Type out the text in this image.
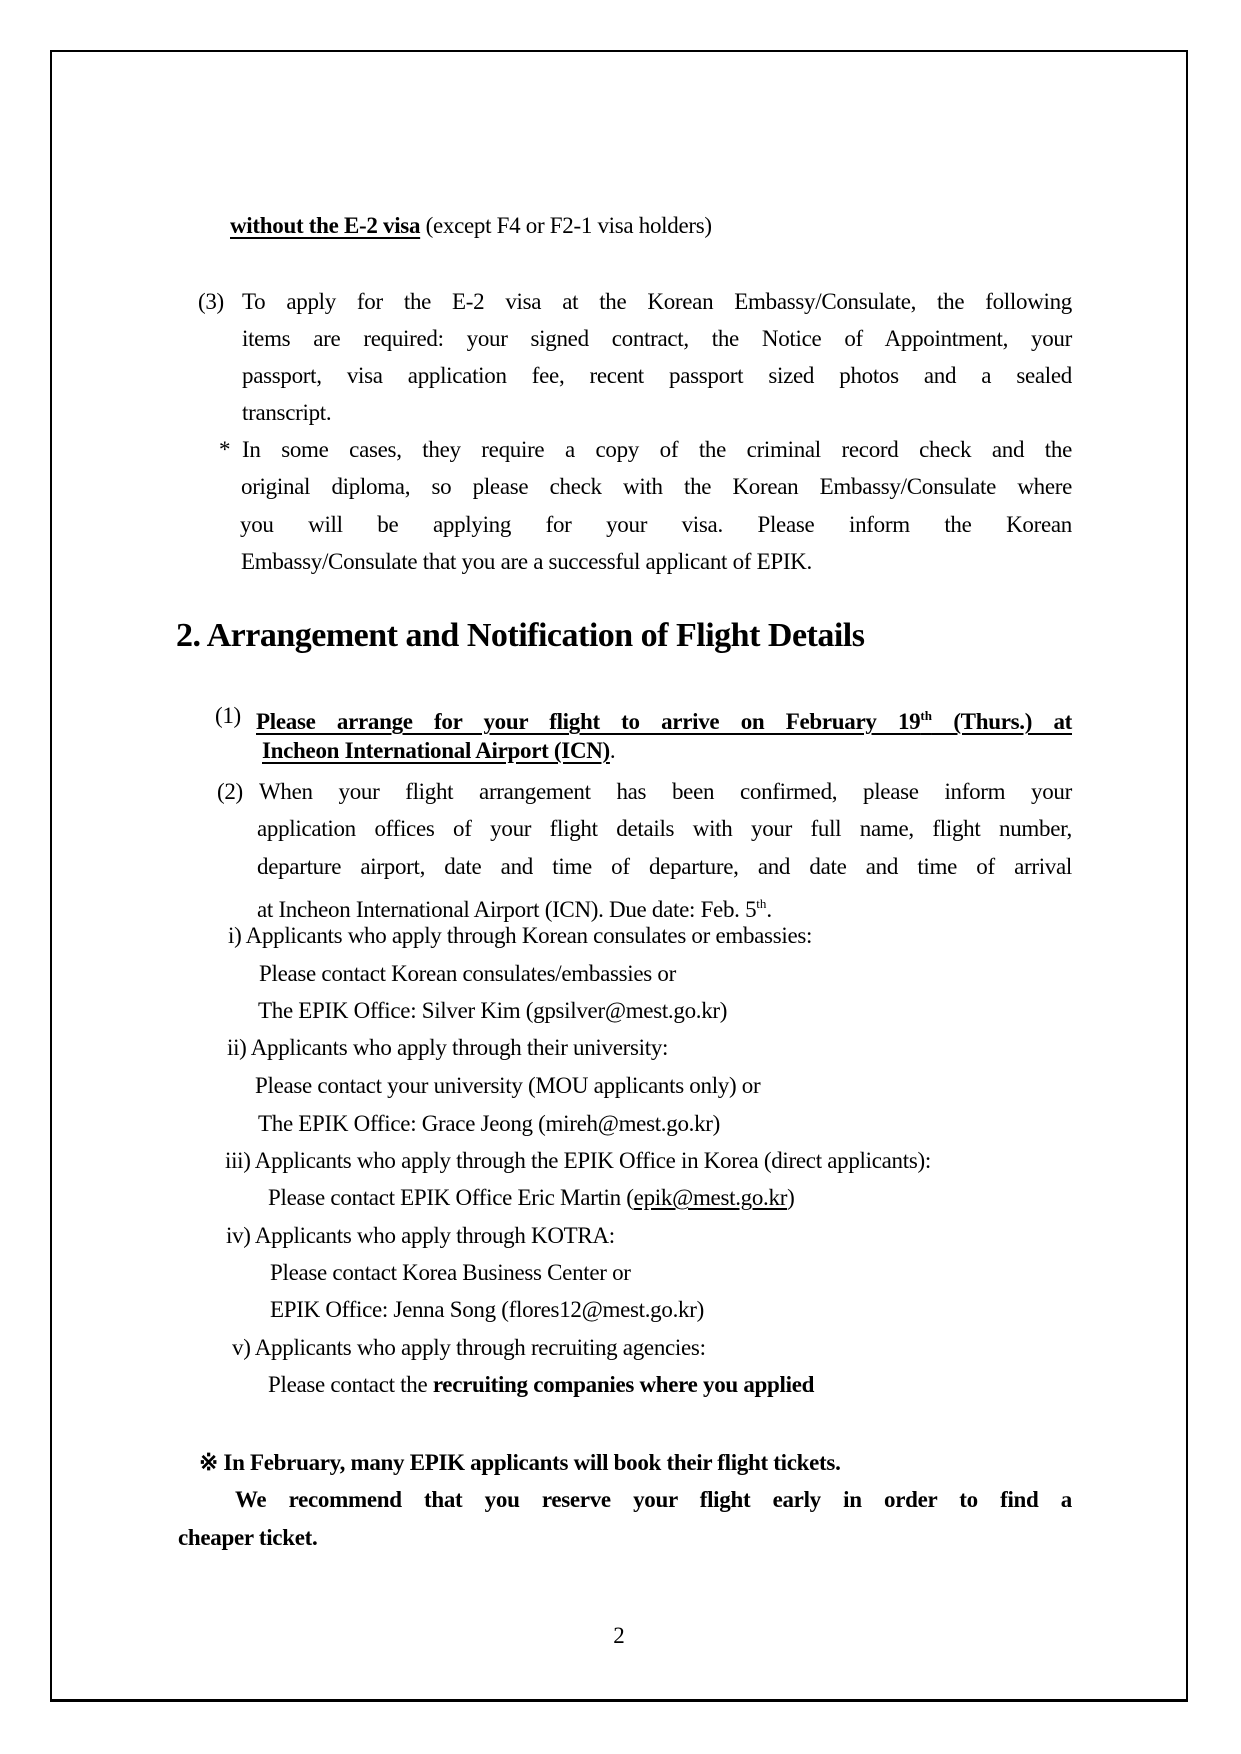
without the E-2 visa (except F4 or F2-1 visa holders)
(3) To apply for the E-2 visa at the Korean Embassy/Consulate, the following
items are required: your signed contract, the Notice of Appointment, your
passport, visa application fee, recent passport sized photos and a sealed
transcript.
* In some cases, they require a copy of the criminal record check and the
original diploma, so please check with the Korean Embassy/Consulate where
you will be applying for your visa. Please inform the Korean
Embassy/Consulate that you are a successful applicant of EPIK.
2. Arrangement and Notification of Flight Details
(1) Please arrange for your flight to arrive on February 19th (Thurs.) at
Incheon International Airport (ICN).
(2) When your flight arrangement has been confirmed, please inform your
application offices of your flight details with your full name, flight number,
departure airport, date and time of departure, and date and time of arrival
at Incheon International Airport (ICN). Due date: Feb. 5th.
i) Applicants who apply through Korean consulates or embassies:
Please contact Korean consulates/embassies or
The EPIK Office: Silver Kim (gpsilver@mest.go.kr)
ii) Applicants who apply through their university:
Please contact your university (MOU applicants only) or
The EPIK Office: Grace Jeong (mireh@mest.go.kr)
iii) Applicants who apply through the EPIK Office in Korea (direct applicants):
Please contact EPIK Office Eric Martin (epik@mest.go.kr)
iv) Applicants who apply through KOTRA:
Please contact Korea Business Center or
EPIK Office: Jenna Song (flores12@mest.go.kr)
v) Applicants who apply through recruiting agencies:
Please contact the recruiting companies where you applied
※ In February, many EPIK applicants will book their flight tickets.
We recommend that you reserve your flight early in order to find a
cheaper ticket.
2
